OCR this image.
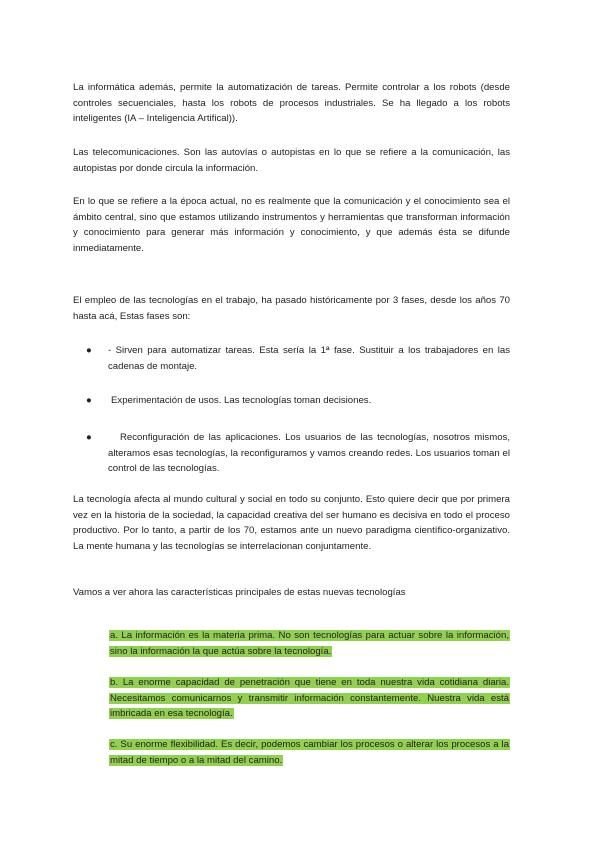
La informática además, permite la automatización de tareas. Permite controlar a los robots (desde controles secuenciales, hasta los robots de procesos industriales. Se ha llegado a los robots inteligentes (IA – Inteligencia Artifical)).

Las telecomunicaciones. Son las autovías o autopistas en lo que se refiere a la comunicación, las autopistas por donde circula la información.

En lo que se refiere a la época actual, no es realmente que la comunicación y el conocimiento sea el ámbito central, sino que estamos utilizando instrumentos y herramientas que transforman información y conocimiento para generar más información y conocimiento, y que además ésta se difunde inmediatamente.

El empleo de las tecnologías en el trabajo, ha pasado históricamente por 3 fases, desde los años 70 hasta acá, Estas fases son:

● - Sirven para automatizar tareas. Esta sería la 1ª fase. Sustituir a los trabajadores en las cadenas de montaje.
● Experimentación de usos. Las tecnologías toman decisiones.
●	Reconfiguración de las aplicaciones. Los usuarios de las tecnologías, nosotros mismos, alteramos esas tecnologías, la reconfiguramos y vamos creando redes. Los usuarios toman el control de las tecnologías.

La tecnología afecta al mundo cultural y social en todo su conjunto. Esto quiere decir que por primera vez en la historia de la sociedad, la capacidad creativa del ser humano es decisiva en todo el proceso productivo. Por lo tanto, a partir de los 70, estamos ante un nuevo paradigma científico-organizativo. La mente humana y las tecnologías se interrelacionan conjuntamente.

Vamos a ver ahora las características principales de estas nuevas tecnologías

a. La información es la materia prima. No son tecnologías para actuar sobre la información, sino la información la que actúa sobre la tecnología.

b. La enorme capacidad de penetración que tiene en toda nuestra vida cotidiana diaria. Necesitamos comunicarnos y transmitir información constantemente. Nuestra vida está imbricada en esa tecnología.

c. Su enorme flexibilidad. Es decir, podemos cambiar los procesos o alterar los procesos a la mitad de tiempo o a la mitad del camino.
